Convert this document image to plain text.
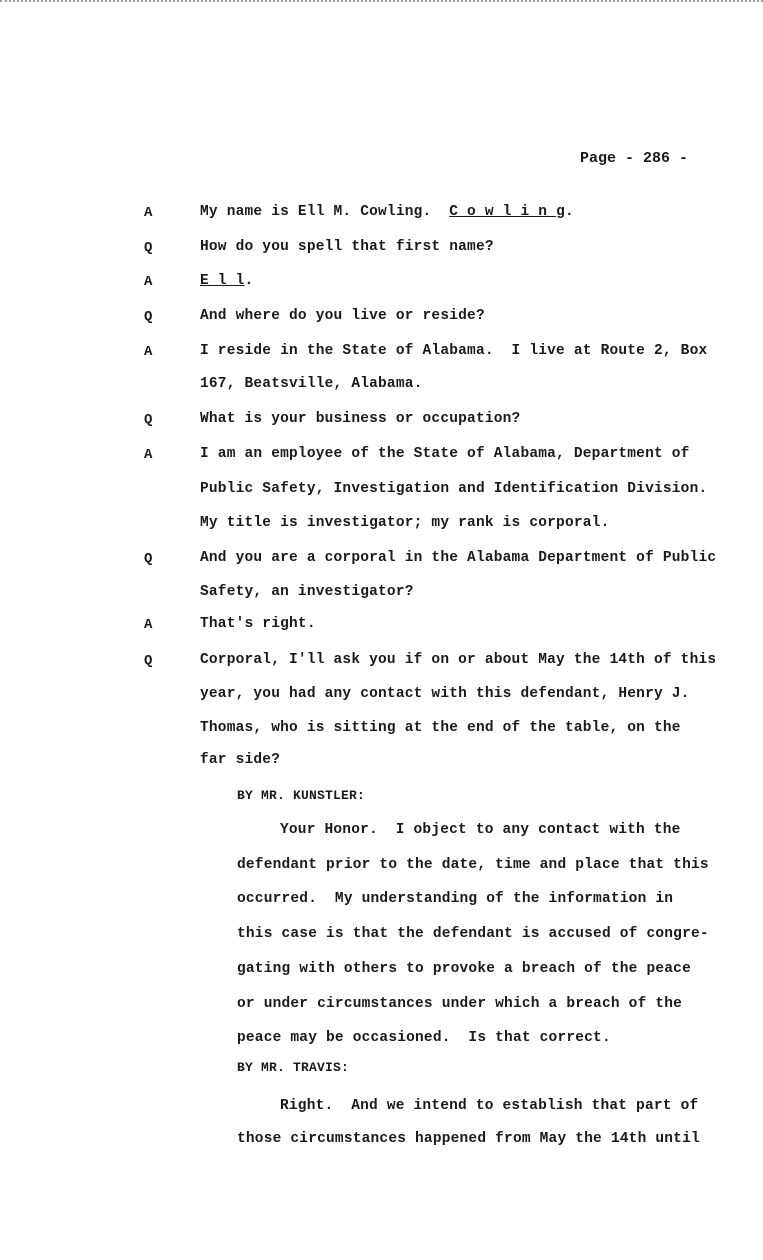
Page - 286 -
A	My name is Ell M. Cowling.  C o w l i n g.
Q	How do you spell that first name?
A	E l l.
Q	And where do you live or reside?
A	I reside in the State of Alabama.  I live at Route 2, Box
167, Beatsville, Alabama.
Q	What is your business or occupation?
A	I am an employee of the State of Alabama, Department of
Public Safety, Investigation and Identification Division.
My title is investigator; my rank is corporal.
Q	And you are a corporal in the Alabama Department of Public
Safety, an investigator?
A	That's right.
Q	Corporal, I'll ask you if on or about May the 14th of this
year, you had any contact with this defendant, Henry J.
Thomas, who is sitting at the end of the table, on the
far side?
BY MR. KUNSTLER:
Your Honor.  I object to any contact with the
defendant prior to the date, time and place that this
occurred.  My understanding of the information in
this case is that the defendant is accused of congre-
gating with others to provoke a breach of the peace
or under circumstances under which a breach of the
peace may be occasioned.  Is that correct.
BY MR. TRAVIS:
Right.  And we intend to establish that part of
those circumstances happened from May the 14th until
